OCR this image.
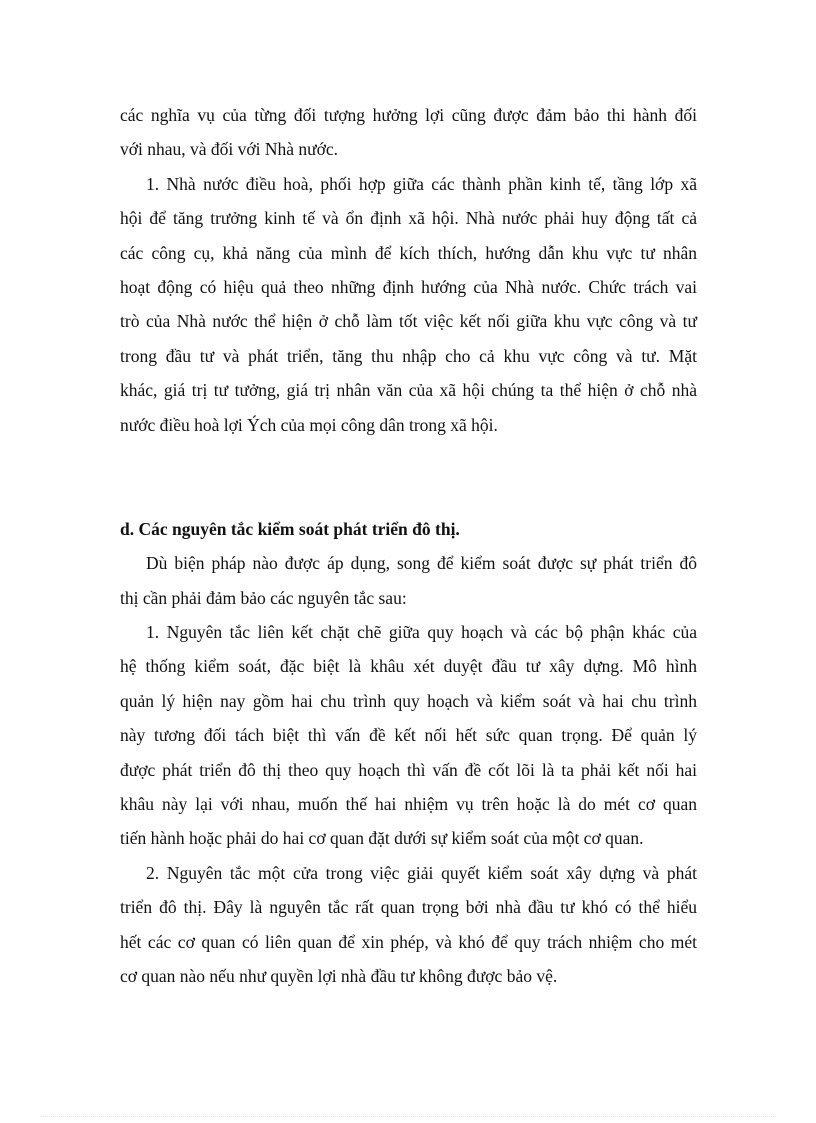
các nghĩa vụ của từng đối tượng hưởng lợi cũng được đảm bảo thi hành đối
với nhau, và đối với Nhà nước.
1. Nhà nước điều hoà, phối hợp giữa các thành phần kinh tế, tầng lớp xã
hội để tăng trưởng kinh tế và ổn định xã hội. Nhà nước phải huy động tất cả
các công cụ, khả năng của mình để kích thích, hướng dẫn khu vực tư nhân
hoạt động có hiệu quả theo những định hướng của Nhà nước. Chức trách vai
trò của Nhà nước thể hiện ở chỗ làm tốt việc kết nối giữa khu vực công và tư
trong đầu tư và phát triển, tăng thu nhập cho cả khu vực công và tư. Mặt
khác, giá trị tư tưởng, giá trị nhân văn của xã hội chúng ta thể hiện ở chỗ nhà
nước điều hoà lợi Ých của mọi công dân trong xã hội.
d. Các nguyên tắc kiểm soát phát triển đô thị.
Dù biện pháp nào được áp dụng, song để kiểm soát được sự phát triển đô
thị cần phải đảm bảo các nguyên tắc sau:
1. Nguyên tắc liên kết chặt chẽ giữa quy hoạch và các bộ phận khác của
hệ thống kiểm soát, đặc biệt là khâu xét duyệt đầu tư xây dựng. Mô hình
quản lý hiện nay gồm hai chu trình quy hoạch và kiểm soát và hai chu trình
này tương đối tách biệt thì vấn đề kết nối hết sức quan trọng. Để quản lý
được phát triển đô thị theo quy hoạch thì vấn đề cốt lõi là ta phải kết nối hai
khâu này lại với nhau, muốn thế hai nhiệm vụ trên hoặc là do mét cơ quan
tiến hành hoặc phải do hai cơ quan đặt dưới sự kiểm soát của một cơ quan.
2. Nguyên tắc một cửa trong việc giải quyết kiểm soát xây dựng và phát
triển đô thị. Đây là nguyên tắc rất quan trọng bởi nhà đầu tư khó có thể hiểu
hết các cơ quan có liên quan để xin phép, và khó để quy trách nhiệm cho mét
cơ quan nào nếu như quyền lợi nhà đầu tư không được bảo vệ.
